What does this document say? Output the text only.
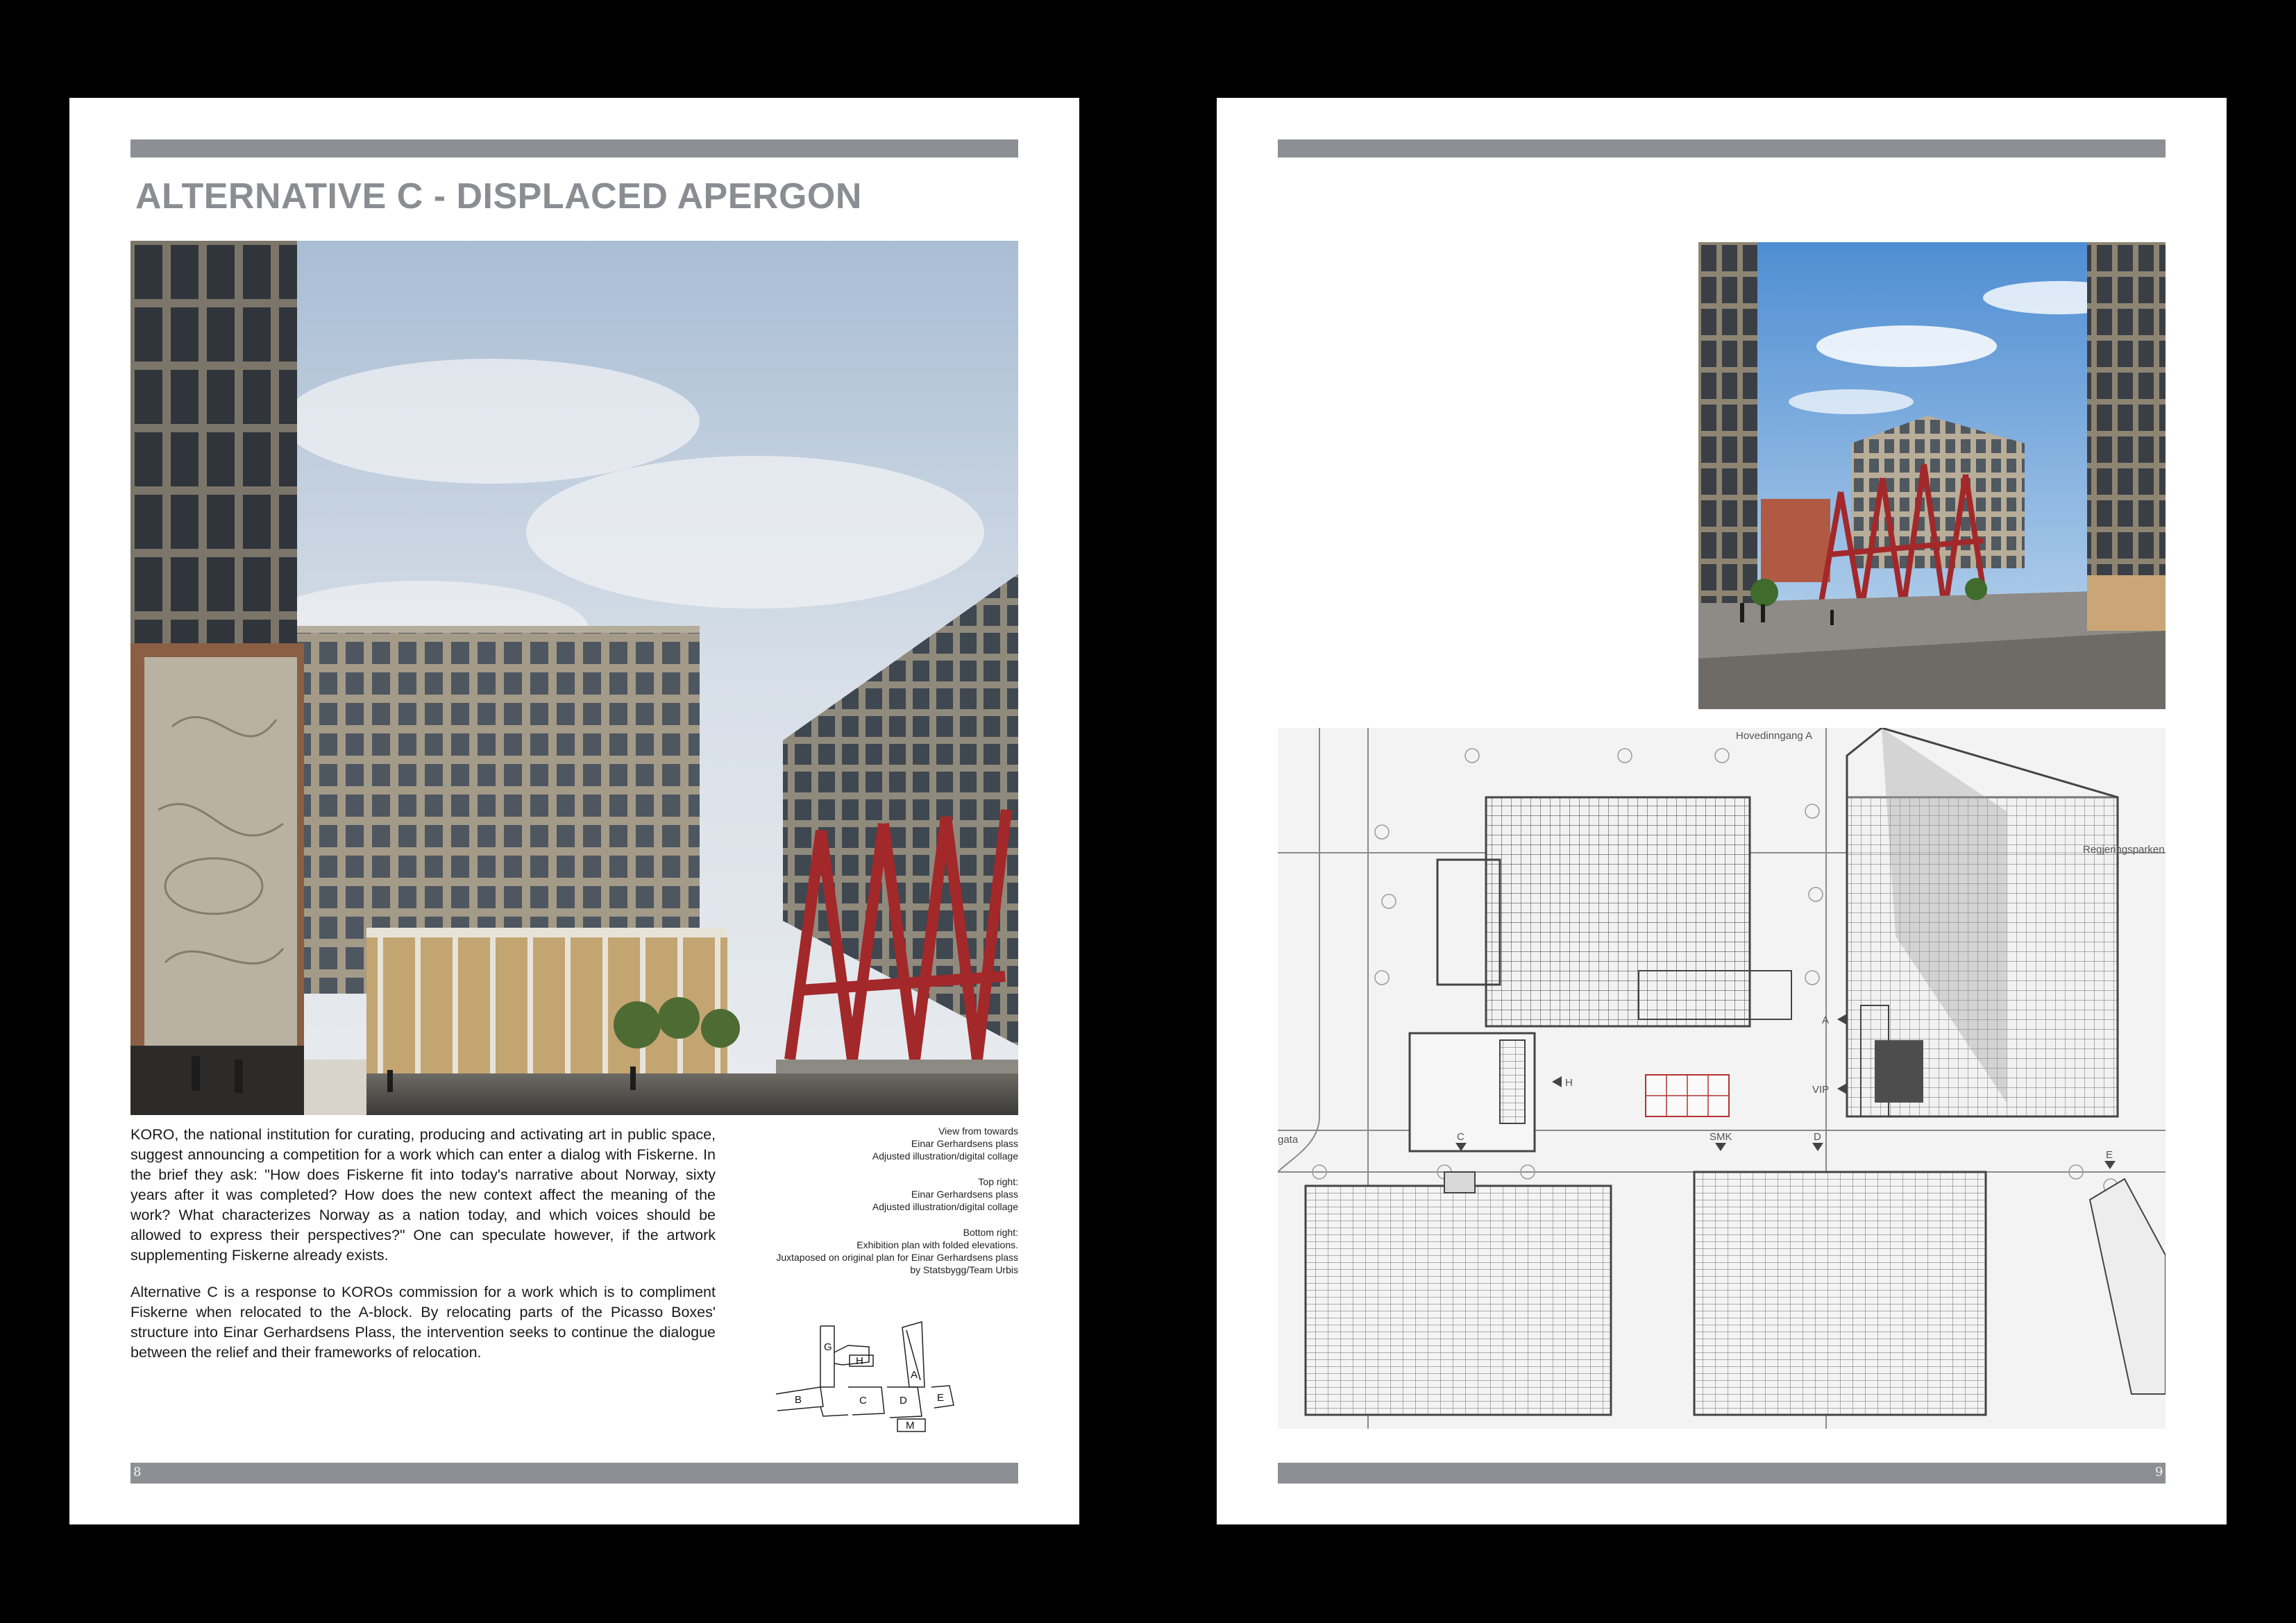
ALTERNATIVE C - DISPLACED APERGON

KORO, the national institution for curating, producing and activating art in public space, suggest announcing a competition for a work which can enter a dialog with Fiskerne. In the brief they ask: "How does Fiskerne fit into today's narrative about Norway, sixty years after it was completed? How does the new context affect the meaning of the work? What characterizes Norway as a nation today, and which voices should be allowed to express their perspectives?" One can speculate however, if the artwork supplementing Fiskerne already exists.

Alternative C is a response to KOROs commission for a work which is to compliment Fiskerne when relocated to the A-block. By relocating parts of the Picasso Boxes' structure into Einar Gerhardsens Plass, the intervention seeks to continue the dialogue between the relief and their frameworks of relocation.

View from towards
Einar Gerhardsens plass
Adjusted illustration/digital collage
Top right:
Einar Gerhardsens plass
Adjusted illustration/digital collage
Bottom right:
Exhibition plan with folded elevations.
Juxtaposed on original plan for Einar Gerhardsens plass
by Statsbygg/Team Urbis
G
H
A
B	C	D	E
M
8
Hovedinngang A
Regjeringsparken
gata
A
VIP
H
C	SMK	D
E
9
